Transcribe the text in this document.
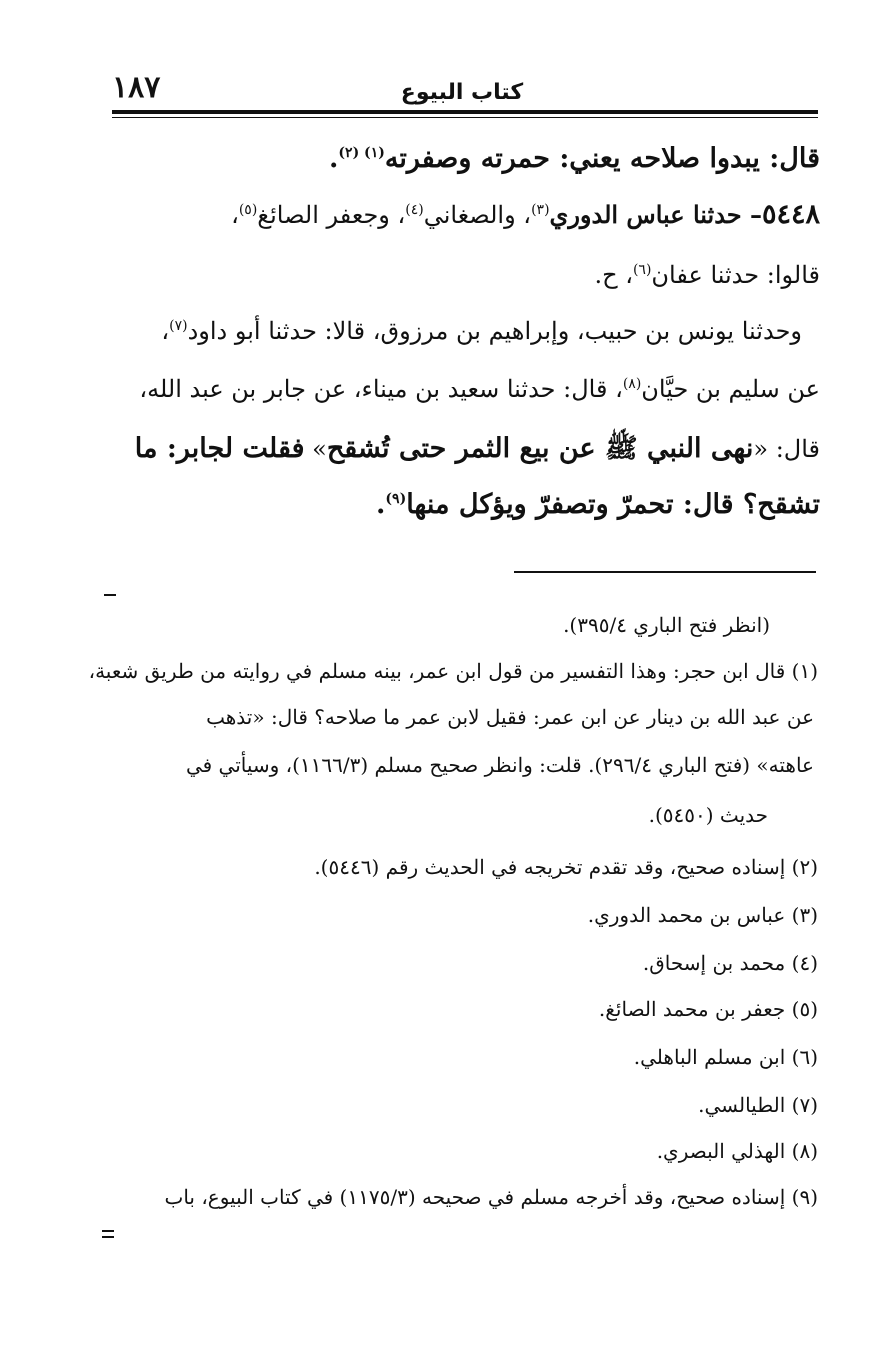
١٨٧	كتاب البيوع
قال: يبدوا صلاحه يعني: حمرته وصفرته$^{(١) (٢)}$.
٥٤٤٨– حدثنا عباس الدوري$^{(٣)}$، والصغاني$^{(٤)}$، وجعفر الصائغ$^{(٥)}$،
قالوا: حدثنا عفان$^{(٦)}$، ح.
وحدثنا يونس بن حبيب، وإبراهيم بن مرزوق، قالا: حدثنا أبو داود$^{(٧)}$،
عن سليم بن حيَّان$^{(٨)}$، قال: حدثنا سعيد بن ميناء، عن جابر بن عبد الله،
قال: «نهى النبي ﷺ عن بيع الثمر حتى تُشقح» فقلت لجابر: ما
تشقح؟ قال: تحمرّ وتصفرّ ويؤكل منها$^{(٩)}$.
(انظر فتح الباري ٣٩٥/٤).
(١) قال ابن حجر: وهذا التفسير من قول ابن عمر، بينه مسلم في روايته من طريق شعبة،
عن عبد الله بن دينار عن ابن عمر: فقيل لابن عمر ما صلاحه؟ قال: «تذهب
عاهته» (فتح الباري ٢٩٦/٤). قلت: وانظر صحيح مسلم (١١٦٦/٣)، وسيأتي في
حديث (٥٤٥٠).
(٢) إسناده صحيح، وقد تقدم تخريجه في الحديث رقم (٥٤٤٦).
(٣) عباس بن محمد الدوري.
(٤) محمد بن إسحاق.
(٥) جعفر بن محمد الصائغ.
(٦) ابن مسلم الباهلي.
(٧) الطيالسي.
(٨) الهذلي البصري.
(٩) إسناده صحيح، وقد أخرجه مسلم في صحيحه (١١٧٥/٣) في كتاب البيوع، باب
